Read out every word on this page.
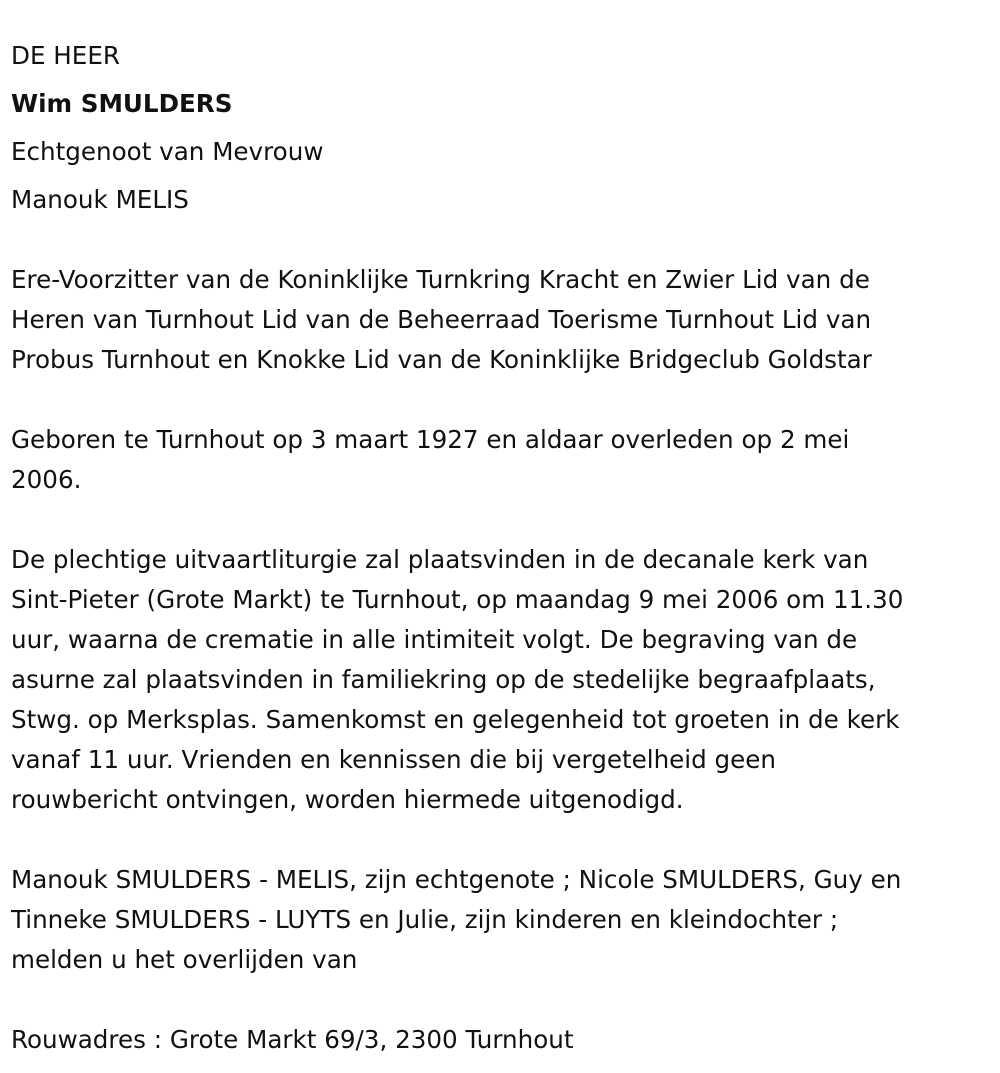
DE HEER

Wim SMULDERS

Echtgenoot van Mevrouw

Manouk MELIS

Ere-Voorzitter van de Koninklijke Turnkring Kracht en Zwier Lid van de
Heren van Turnhout Lid van de Beheerraad Toerisme Turnhout Lid van
Probus Turnhout en Knokke Lid van de Koninklijke Bridgeclub Goldstar
Geboren te Turnhout op 3 maart 1927 en aldaar overleden op 2 mei
2006.
De plechtige uitvaartliturgie zal plaatsvinden in de decanale kerk van
Sint-Pieter (Grote Markt) te Turnhout, op maandag 9 mei 2006 om 11.30
uur, waarna de crematie in alle intimiteit volgt. De begraving van de
asurne zal plaatsvinden in familiekring op de stedelijke begraafplaats,
Stwg. op Merksplas. Samenkomst en gelegenheid tot groeten in de kerk
vanaf 11 uur. Vrienden en kennissen die bij vergetelheid geen
rouwbericht ontvingen, worden hiermede uitgenodigd.
Manouk SMULDERS - MELIS, zijn echtgenote ; Nicole SMULDERS, Guy en
Tinneke SMULDERS - LUYTS en Julie, zijn kinderen en kleindochter ;
melden u het overlijden van
Rouwadres : Grote Markt 69/3, 2300 Turnhout
